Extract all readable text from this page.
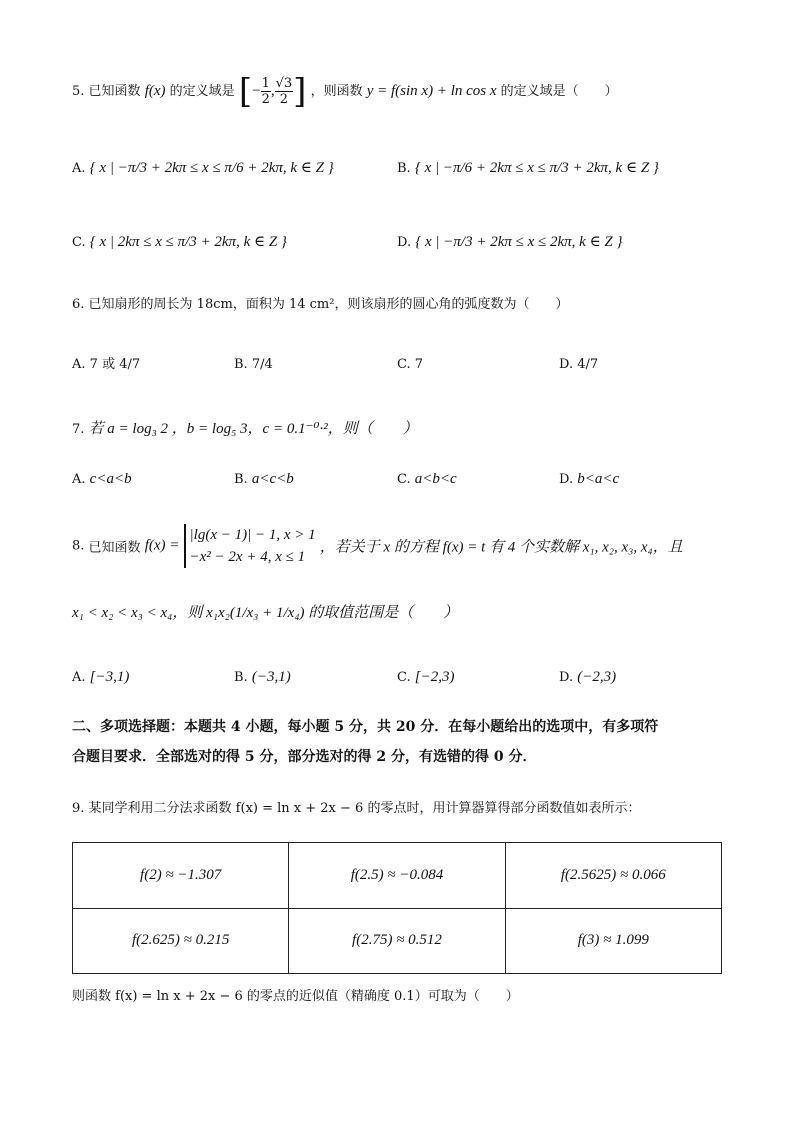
5. 已知函数 f(x) 的定义域是 [− $\frac{1}{2}$ , $\frac{√3}{2}$ ] ，则函数 y = f(sin x) + ln cos x 的定义域是（　　）
A. { x | −π/3 + 2kπ ≤ x ≤ π/6 + 2kπ, k ∈ Z }	B. { x | −π/6 + 2kπ ≤ x ≤ π/3 + 2kπ, k ∈ Z }
C. { x | 2kπ ≤ x ≤ π/3 + 2kπ, k ∈ Z }	D. { x | −π/3 + 2kπ ≤ x ≤ 2kπ, k ∈ Z }
6. 已知扇形的周长为 18cm，面积为 14 cm²，则该扇形的圆心角的弧度数为（　　）
A. 7 或 4/7	B. 7/4	C. 7	D. 4/7
7. 若 a = log₃ 2 ，b = log₅ 3，c = 0.1⁻⁰·²，则（　　）
A. c<a<b	B. a<c<b	C. a<b<c	D. b<a<c
8. 已知函数 f(x) =
|lg(x − 1)| − 1, x > 1
−x² − 2x + 4, x ≤ 1
，若关于 x 的方程 f(x) = t 有 4 个实数解 x₁, x₂, x₃, x₄，且
x₁ < x₂ < x₃ < x₄，则 x₁x₂(1/x₃ + 1/x₄) 的取值范围是（　　）
A. [−3,1)	B. (−3,1)	C. [−2,3)	D. (−2,3)
二、多项选择题：本题共 4 小题，每小题 5 分，共 20 分．在每小题给出的选项中，有多项符
合题目要求．全部选对的得 5 分，部分选对的得 2 分，有选错的得 0 分．
9. 某同学利用二分法求函数 f(x) = ln x + 2x − 6 的零点时，用计算器算得部分函数值如表所示：
f(2) ≈ −1.307	f(2.5) ≈ −0.084	f(2.5625) ≈ 0.066
f(2.625) ≈ 0.215	f(2.75) ≈ 0.512	f(3) ≈ 1.099
则函数 f(x) = ln x + 2x − 6 的零点的近似值（精确度 0.1）可取为（　　）
